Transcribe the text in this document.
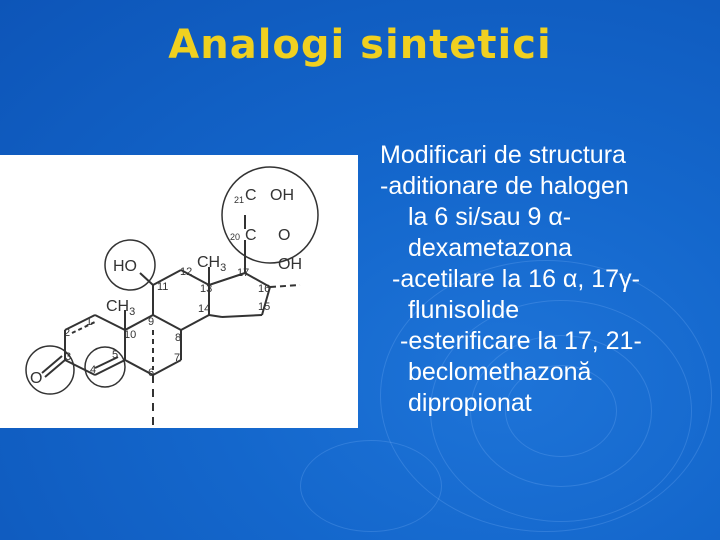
Analogi sintetici
21 C OH
20 C O
HO	$CH_3$	OH
11
12
13
14
17
16
15
$CH_3$
1
2	10
9
8
3	5
4
7
6
O
Modificari de structura
-aditionare de halogen
la 6 si/sau 9 α-
dexametazona
-acetilare la 16 α, 17γ-
flunisolide
-esterificare la 17, 21-
beclomethazonă
dipropionat
